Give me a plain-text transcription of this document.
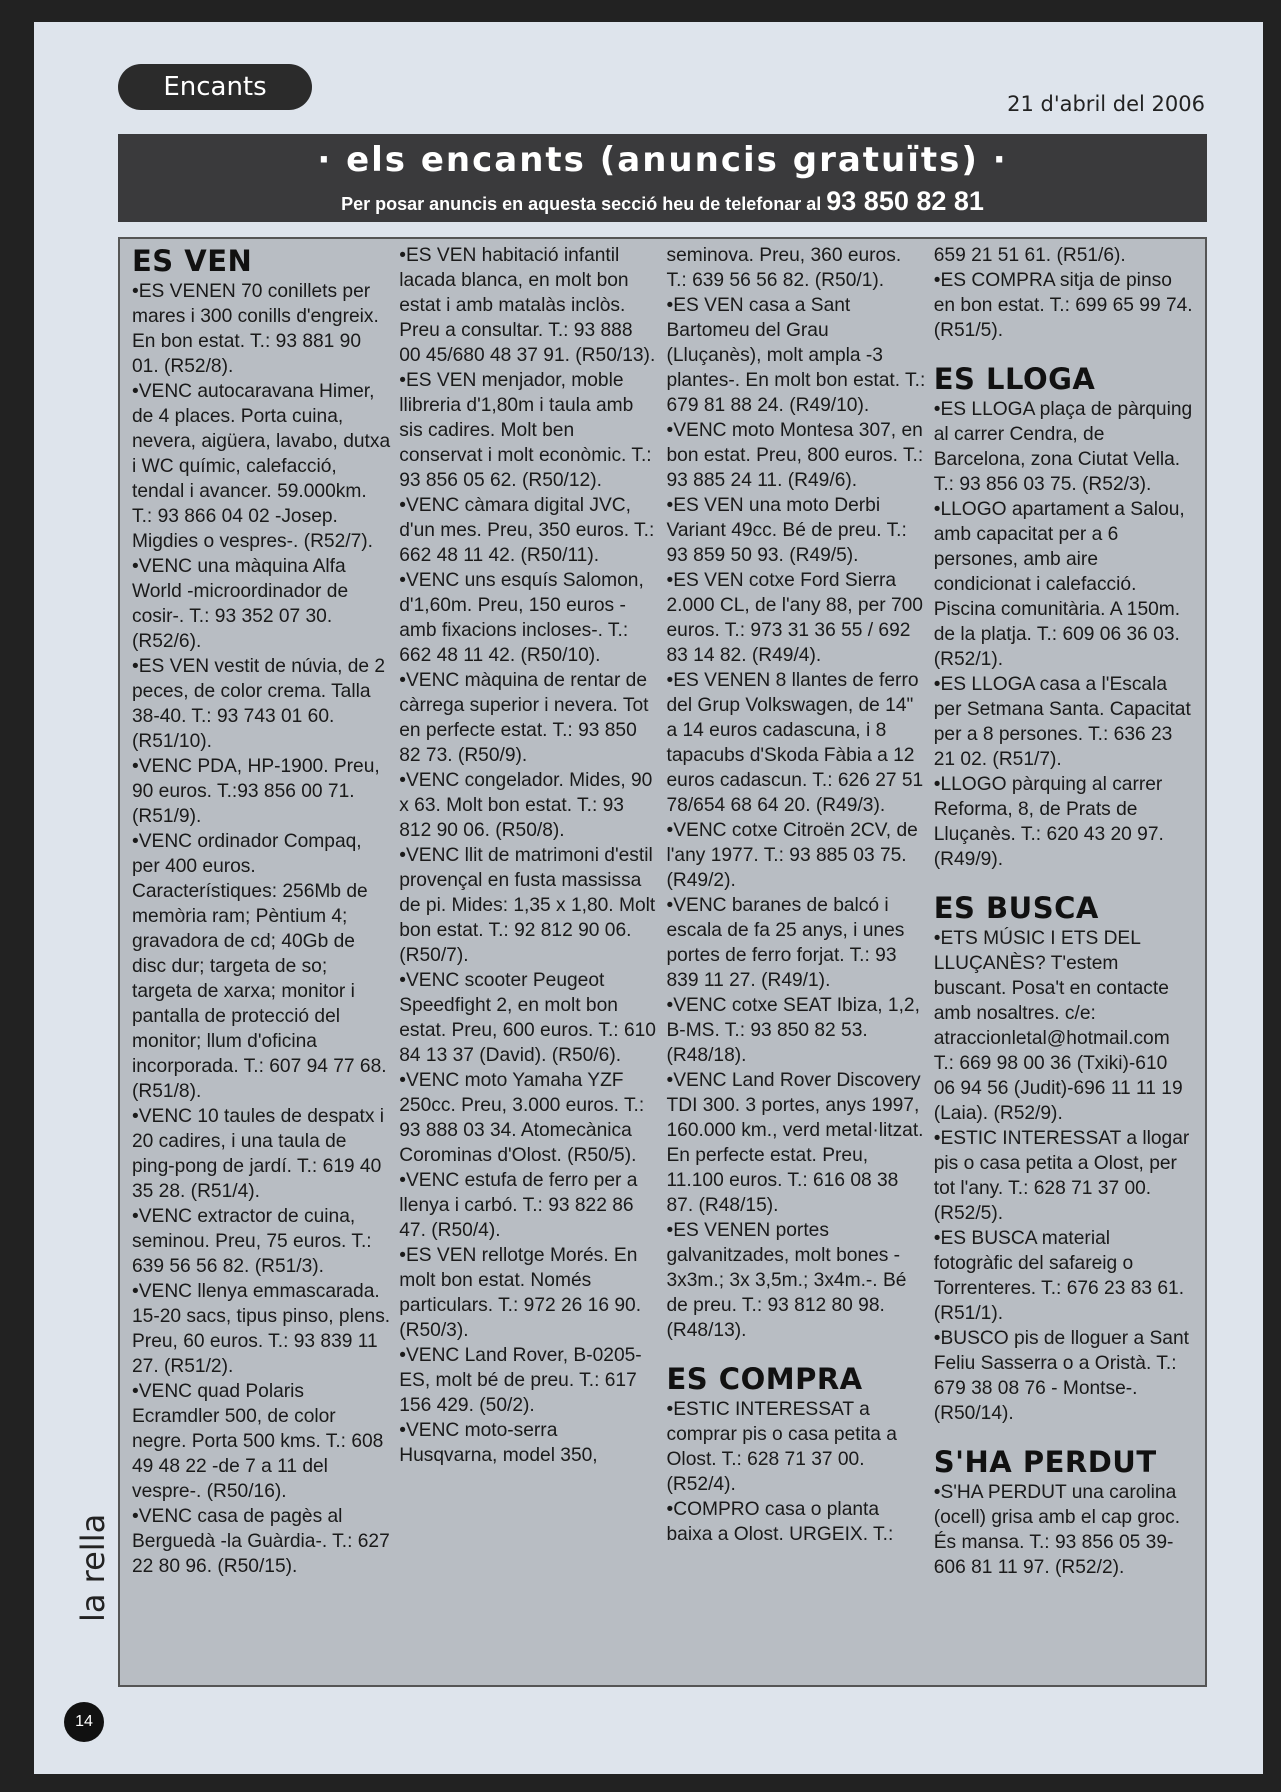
Encants
21 d'abril del 2006
· els encants (anuncis gratuïts) ·
Per posar anuncis en aquesta secció heu de telefonar al 93 850 82 81
ES VEN

•ES VENEN 70 conillets per mares i 300 conills d'engreix. En bon estat. T.: 93 881 90 01. (R52/8).

•VENC autocaravana Himer, de 4 places. Porta cuina, nevera, aigüera, lavabo, dutxa i WC químic, calefacció, tendal i avancer. 59.000km. T.: 93 866 04 02 -Josep. Migdies o vespres-. (R52/7).

•VENC una màquina Alfa World -microordinador de cosir-. T.: 93 352 07 30. (R52/6).

•ES VEN vestit de núvia, de 2 peces, de color crema. Talla 38-40. T.: 93 743 01 60. (R51/10).

•VENC PDA, HP-1900. Preu, 90 euros. T.:93 856 00 71. (R51/9).

•VENC ordinador Compaq, per 400 euros. Característiques: 256Mb de memòria ram; Pèntium 4; gravadora de cd; 40Gb de disc dur; targeta de so; targeta de xarxa; monitor i pantalla de protecció del monitor; llum d'oficina incorporada. T.: 607 94 77 68. (R51/8).

•VENC 10 taules de despatx i 20 cadires, i una taula de ping-pong de jardí. T.: 619 40 35 28. (R51/4).

•VENC extractor de cuina, seminou. Preu, 75 euros. T.: 639 56 56 82. (R51/3).

•VENC llenya emmascarada. 15-20 sacs, tipus pinso, plens. Preu, 60 euros. T.: 93 839 11 27. (R51/2).

•VENC quad Polaris Ecramdler 500, de color negre. Porta 500 kms. T.: 608 49 48 22 -de 7 a 11 del vespre-. (R50/16).

•VENC casa de pagès al Berguedà -la Guàrdia-. T.: 627 22 80 96. (R50/15).

•ES VEN habitació infantil lacada blanca, en molt bon estat i amb matalàs inclòs. Preu a consultar. T.: 93 888 00 45/680 48 37 91. (R50/13).

•ES VEN menjador, moble llibreria d'1,80m i taula amb sis cadires. Molt ben conservat i molt econòmic. T.: 93 856 05 62. (R50/12).

•VENC càmara digital JVC, d'un mes. Preu, 350 euros. T.: 662 48 11 42. (R50/11).

•VENC uns esquís Salomon, d'1,60m. Preu, 150 euros -amb fixacions incloses-. T.: 662 48 11 42. (R50/10).

•VENC màquina de rentar de càrrega superior i nevera. Tot en perfecte estat. T.: 93 850 82 73. (R50/9).

•VENC congelador. Mides, 90 x 63. Molt bon estat. T.: 93 812 90 06. (R50/8).

•VENC llit de matrimoni d'estil provençal en fusta massissa de pi. Mides: 1,35 x 1,80. Molt bon estat. T.: 92 812 90 06. (R50/7).

•VENC scooter Peugeot Speedfight 2, en molt bon estat. Preu, 600 euros. T.: 610 84 13 37 (David). (R50/6).

•VENC moto Yamaha YZF 250cc. Preu, 3.000 euros. T.: 93 888 03 34. Atomecànica Corominas d'Olost. (R50/5).

•VENC estufa de ferro per a llenya i carbó. T.: 93 822 86 47. (R50/4).

•ES VEN rellotge Morés. En molt bon estat. Només particulars. T.: 972 26 16 90. (R50/3).

•VENC Land Rover, B-0205-ES, molt bé de preu. T.: 617 156 429. (50/2).

•VENC moto-serra Husqvarna, model 350,

seminova. Preu, 360 euros. T.: 639 56 56 82. (R50/1).

•ES VEN casa a Sant Bartomeu del Grau (Lluçanès), molt ampla -3 plantes-. En molt bon estat. T.: 679 81 88 24. (R49/10).

•VENC moto Montesa 307, en bon estat. Preu, 800 euros. T.: 93 885 24 11. (R49/6).

•ES VEN una moto Derbi Variant 49cc. Bé de preu. T.: 93 859 50 93. (R49/5).

•ES VEN cotxe Ford Sierra 2.000 CL, de l'any 88, per 700 euros. T.: 973 31 36 55 / 692 83 14 82. (R49/4).

•ES VENEN 8 llantes de ferro del Grup Volkswagen, de 14" a 14 euros cadascuna, i 8 tapacubs d'Skoda Fàbia a 12 euros cadascun. T.: 626 27 51 78/654 68 64 20. (R49/3).

•VENC cotxe Citroën 2CV, de l'any 1977. T.: 93 885 03 75. (R49/2).

•VENC baranes de balcó i escala de fa 25 anys, i unes portes de ferro forjat. T.: 93 839 11 27. (R49/1).

•VENC cotxe SEAT Ibiza, 1,2, B-MS. T.: 93 850 82 53. (R48/18).

•VENC Land Rover Discovery TDI 300. 3 portes, anys 1997, 160.000 km., verd metal·litzat. En perfecte estat. Preu, 11.100 euros. T.: 616 08 38 87. (R48/15).

•ES VENEN portes galvanitzades, molt bones - 3x3m.; 3x 3,5m.; 3x4m.-. Bé de preu. T.: 93 812 80 98. (R48/13).

ES COMPRA

•ESTIC INTERESSAT a comprar pis o casa petita a Olost. T.: 628 71 37 00. (R52/4).

•COMPRO casa o planta baixa a Olost. URGEIX. T.:

659 21 51 61. (R51/6).

•ES COMPRA sitja de pinso en bon estat. T.: 699 65 99 74. (R51/5).

ES LLOGA

•ES LLOGA plaça de pàrquing al carrer Cendra, de Barcelona, zona Ciutat Vella. T.: 93 856 03 75. (R52/3).

•LLOGO apartament a Salou, amb capacitat per a 6 persones, amb aire condicionat i calefacció. Piscina comunitària. A 150m. de la platja. T.: 609 06 36 03. (R52/1).

•ES LLOGA casa a l'Escala per Setmana Santa. Capacitat per a 8 persones. T.: 636 23 21 02. (R51/7).

•LLOGO pàrquing al carrer Reforma, 8, de Prats de Lluçanès. T.: 620 43 20 97. (R49/9).

ES BUSCA

•ETS MÚSIC I ETS DEL LLUÇANÈS? T'estem buscant. Posa't en contacte amb nosaltres. c/e: atraccionletal@hotmail.com T.: 669 98 00 36 (Txiki)-610 06 94 56 (Judit)-696 11 11 19 (Laia). (R52/9).

•ESTIC INTERESSAT a llogar pis o casa petita a Olost, per tot l'any. T.: 628 71 37 00. (R52/5).

•ES BUSCA material fotogràfic del safareig o Torrenteres. T.: 676 23 83 61. (R51/1).

•BUSCO pis de lloguer a Sant Feliu Sasserra o a Oristà. T.: 679 38 08 76 - Montse-. (R50/14).

S'HA PERDUT

•S'HA PERDUT una carolina (ocell) grisa amb el cap groc. És mansa. T.: 93 856 05 39-606 81 11 97. (R52/2).

la rella
14
